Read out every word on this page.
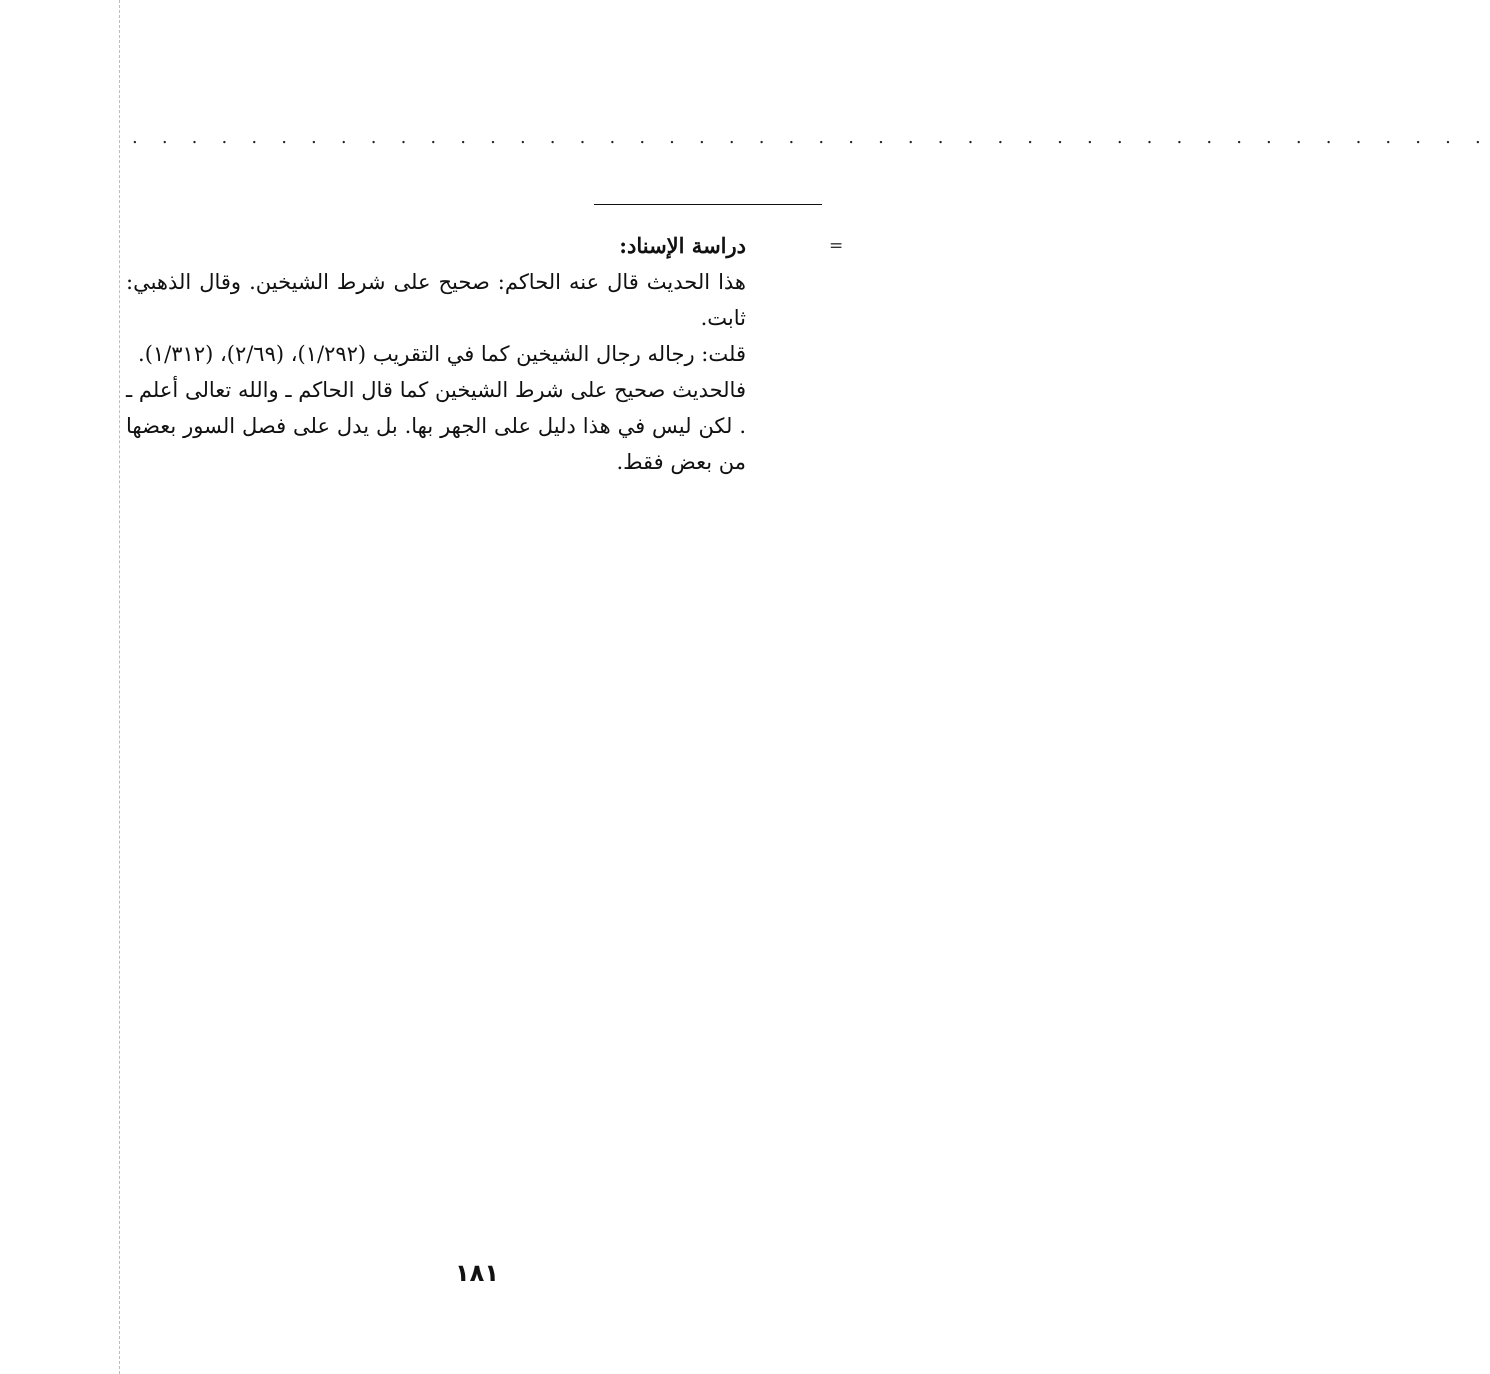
. . . . . . . . . . . . . . . . . . . . . . . . . . . . . . . . . . . . . . . . . . . . . .
=

دراسة الإسناد:

هذا الحديث قال عنه الحاكم: صحيح على شرط الشيخين. وقال الذهبي: ثابت.

قلت: رجاله رجال الشيخين كما في التقريب (١/٢٩٢)، (٢/٦٩)، (١/٣١٢).

فالحديث صحيح على شرط الشيخين كما قال الحاكم ـ والله تعالى أعلم ـ . لكن ليس في هذا دليل على الجهر بها. بل يدل على فصل السور بعضها من بعض فقط.

١٨١
